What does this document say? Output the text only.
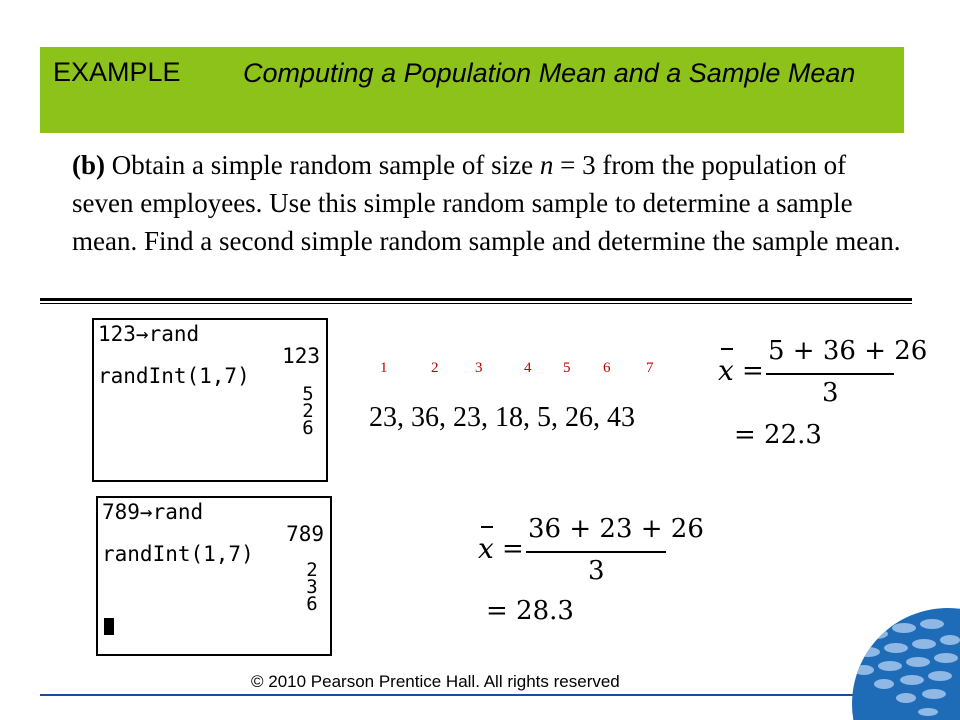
EXAMPLE Computing a Population Mean and a Sample Mean
(b) Obtain a simple random sample of size n = 3 from the population of seven employees. Use this simple random sample to determine a sample mean. Find a second simple random sample and determine the sample mean.
123→rand
123
randInt(1,7)
5
2
6
789→rand
789
randInt(1,7)
2
3
6
1	2 3	4 5 6 7
23, 36, 23, 18, 5, 26, 43
x =
5 + 36 + 26
3
= 22.3
x =
36 + 23 + 26
3
= 28.3
© 2010 Pearson Prentice Hall. All rights reserved
